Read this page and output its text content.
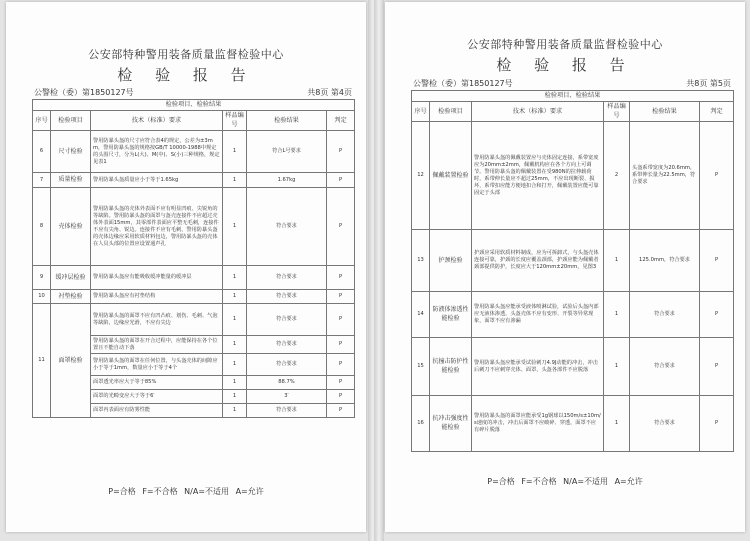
公安部特种警用装备质量监督检验中心
检 验 报 告
公警检（委）第1850127号	共8页 第4页
检验项目、检验结果					
序号	检验项目	技术（标准）要求	样品编号	检验结果	判定
6	尺寸检验	警用防暴头盔的尺寸应符合表4的规定，公差为±3mm，警用防暴头盔的规格按GB/T 10000-1988中规定的头围尺寸，分为L(大)、M(中)、S(小)三种规格，规定见表1	1	符合L号要求	P
7	质量检验	警用防暴头盔质量应小于等于1.65kg	1	1.67kg	P
8	壳体检验	警用防暴头盔的壳体外表面不应有明显凹痕、尖锐角的等缺陷。警用防暴头盔的面罩与盔壳连接件不应超过壳体外表面15mm，其零部件表面应平整无毛刺，连接件不应有尖角、锐边。连接件不应有毛刺，警用防暴头盔的壳体边缘应采用软质材料包边，警用防暴头盔的壳体在人员头部的位置应设置通声孔	1	符合要求	P
9	缓冲层检验	警用防暴头盔应有能吸收缓冲能量的缓冲层	1	符合要求	P
10	衬垫检验	警用防暴头盔应有衬垫结构	1	符合要求	P
11	面罩检验	警用防暴头盔的面罩不应有凹凸痕、划伤、毛刺、气泡等缺陷，边缘应光滑，不应有尖边	1	符合要求	P
		警用防暴头盔的面罩在开合过程中，应能保持在各个位置且不能自动下落	1	符合要求	P
		警用防暴头盔的面罩在任何位置，与头盔壳体的间隙应小于等于1mm，数量应小于等于4个	1	符合要求	P
		面罩透光率应大于等于85%	1	88.7%	P
		面罩的光畸变应大于等于6′	1	3′	P
		面罩内表面应有防雾性能	1	符合要求	P
P=合格 F=不合格 N/A=不适用 A=允许
公安部特种警用装备质量监督检验中心
检 验 报 告
公警检（委）第1850127号	共8页 第5页
检验项目、检验结果					
序号	检验项目	技术（标准）要求	样品编号	检验结果	判定
12	佩戴装置检验	警用防暴头盔的佩戴装置应与壳体固定连接，系带宽度应为20mm±2mm，佩戴机构应在各个方向上可调节。警用防暴头盔的佩戴装置在受980N的拉伸载荷时，系带伸长量应不超过25mm，不应出现断裂、损坏，系带扣应能方便地扣合和打开，佩戴装置应能可靠固定于头部	2	头盔系带宽度为20.6mm，系带伸长量为22.5mm，符合要求	P
13	护颈检验	护颈应采用软质材料制成，应为可拆卸式，与头盔壳体连接可靠，护颈的长度应覆盖颈部，护颈应能为佩戴者颈部提供防护，长度应大于120mm±20mm，见图3	1	125.0mm，符合要求	P
14	防液体渗透性能检验	警用防暴头盔应能承受液体喷淋试验，试验后头盔内部应无液体渗透，头盔壳体不应有变形、开裂等异常现象，面罩不应有渗漏	1	符合要求	P
15	抗撞击防护性能检验	警用防暴头盔应能承受试验刺刀4.9J动能的冲击，冲击后刺刀不应刺穿壳体、面罩，头盔各部件不应脱落	1	符合要求	P
16	抗冲击强度性能检验	警用防暴头盔的面罩应能承受1g钢球以150m/s±10m/s速度的冲击，冲击后面罩不应破碎、穿透，面罩不应有碎片脱落	1	符合要求	P
P=合格 F=不合格 N/A=不适用 A=允许
